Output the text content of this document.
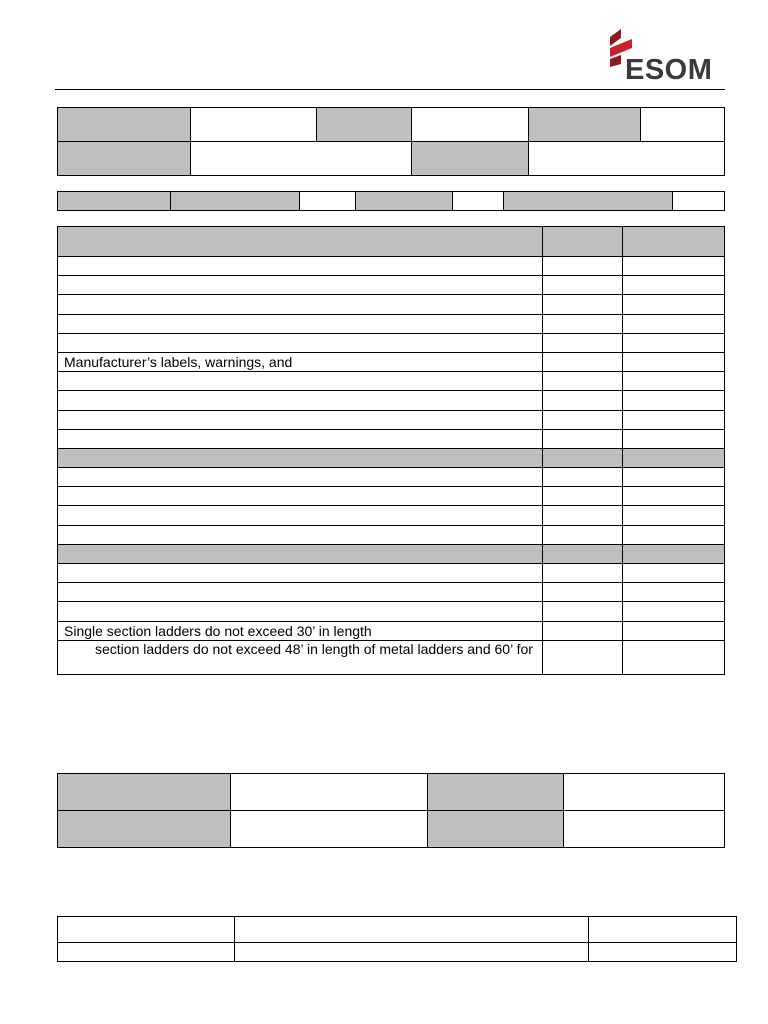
ESOM

Manufacturer’s labels, warnings, and		

Single section ladders do not exceed 30’ in length		
section ladders do not exceed 48’ in length of metal ladders and 60’ for		
